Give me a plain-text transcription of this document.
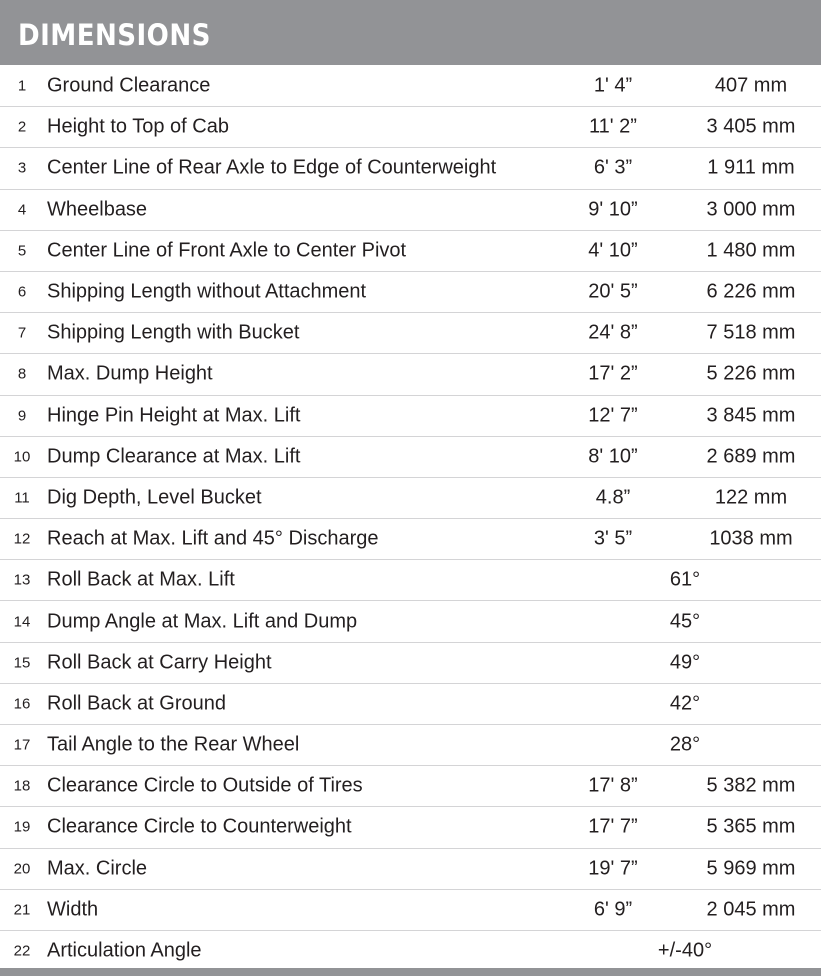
DIMENSIONS
1	Ground Clearance	1' 4”	407 mm
2	Height to Top of Cab	11' 2”	3 405 mm
3	Center Line of Rear Axle to Edge of Counterweight	6' 3”	1 911 mm
4	Wheelbase	9' 10”	3 000 mm
5	Center Line of Front Axle to Center Pivot	4' 10”	1 480 mm
6	Shipping Length without Attachment	20' 5”	6 226 mm
7	Shipping Length with Bucket	24' 8”	7 518 mm
8	Max. Dump Height	17' 2”	5 226 mm
9	Hinge Pin Height at Max. Lift	12' 7”	3 845 mm
10 Dump Clearance at Max. Lift	8' 10”	2 689 mm
11 Dig Depth, Level Bucket	4.8”	122 mm
12 Reach at Max. Lift and 45° Discharge	3' 5”	1038 mm
13 Roll Back at Max. Lift	61°
14 Dump Angle at Max. Lift and Dump	45°
15 Roll Back at Carry Height	49°
16 Roll Back at Ground	42°
17 Tail Angle to the Rear Wheel	28°
18 Clearance Circle to Outside of Tires	17' 8”	5 382 mm
19 Clearance Circle to Counterweight	17' 7”	5 365 mm
20 Max. Circle	19' 7”	5 969 mm
21 Width	6' 9”	2 045 mm
22 Articulation Angle	+/-40°
